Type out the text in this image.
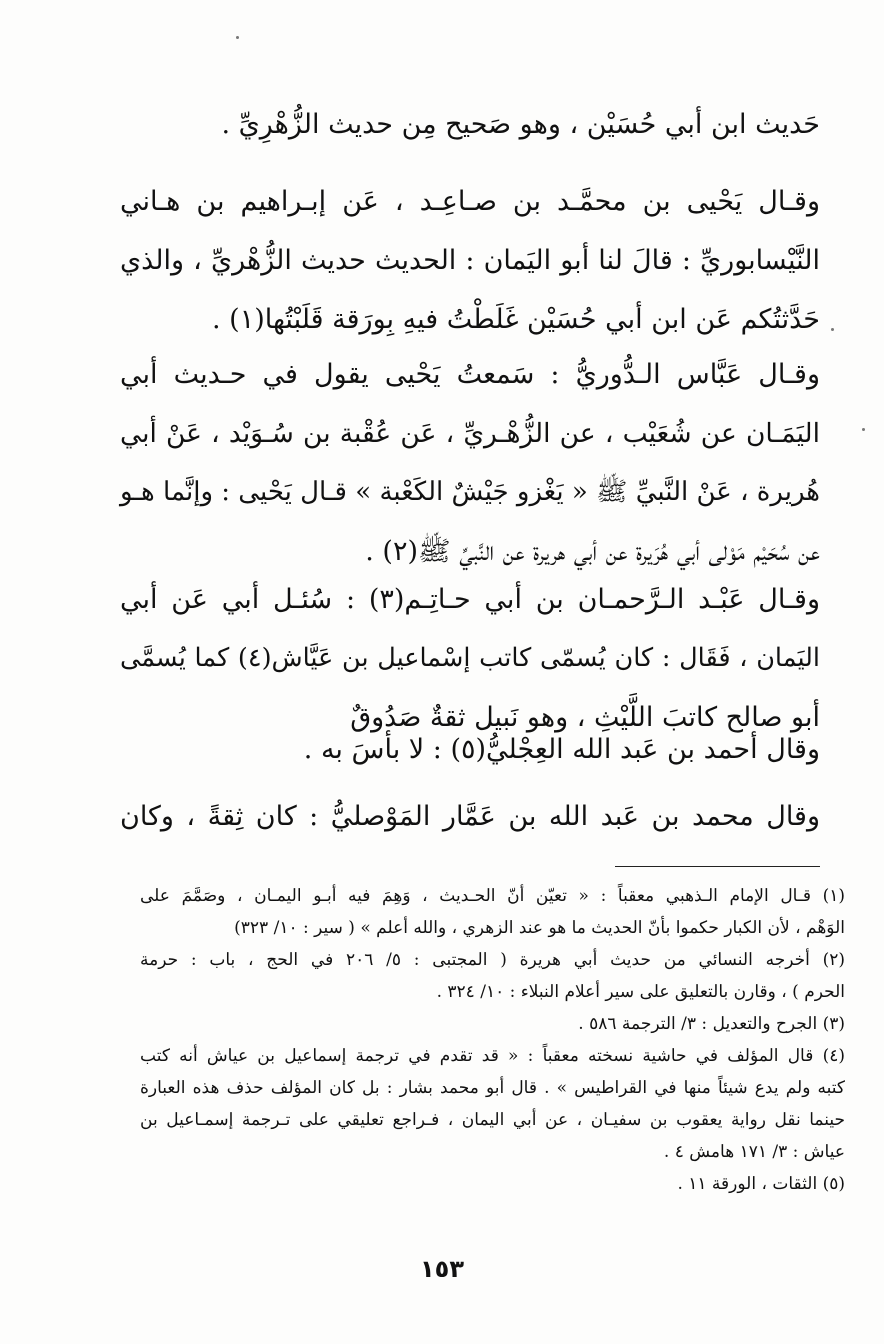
حَديث ابن أبي حُسَيْن ، وهو صَحيح مِن حديث الزُّهْرِيِّ .
وقـال يَحْيى بن محمَّـد بن صـاعِـد ، عَن إبـراهيم بن هـاني
النَّيْسابوريِّ : قالَ لنا أبو اليَمان : الحديث حديث الزُّهْريِّ ، والذي
حَدَّثتُكم عَن ابن أبي حُسَيْن غَلَطْتُ فيهِ بِورَقة قَلَبْتُها(١) .
وقـال عَبَّاس الـدُّوريُّ : سَمعتُ يَحْيى يقول في حـديث أبي
اليَمَـان عن شُعَيْب ، عن الزُّهْـريِّ ، عَن عُقْبة بن سُـوَيْد ، عَنْ أبي
هُريرة ، عَنْ النَّبيِّ ﷺ « يَغْزو جَيْشٌ الكَعْبة » قـال يَحْيى : وإنَّما هـو
عن سُحَيْم مَوْلى أبي هُرَيرة عن أبي هريرة عن النَّبيِّ ﷺ(٢) .
وقـال عَبْـد الـرَّحمـان بن أبي حـاتِـم(٣) : سُئـل أبي عَن أبي
اليَمان ، فَقَال : كان يُسمّى كاتب إسْماعيل بن عَيَّاش(٤) كما يُسمَّى
أبو صالح كاتبَ اللَّيْثِ ، وهو نَبيل ثقةٌ صَدُوقٌ
وقال أحمد بن عَبد الله العِجْليُّ(٥) : لا بأسَ به .
وقال محمد بن عَبد الله بن عَمَّار المَوْصليُّ : كان ثِقةً ، وكان
(١) قـال الإمام الـذهبي معقباً : « تعيّن أنّ الحـديث ، وَهِمَ فيه أبـو اليمـان ، وصَمَّمَ على
الوَهْم ، لأن الكبار حكموا بأنّ الحديث ما هو عند الزهري ، والله أعلم » ( سير : ١٠/ ٣٢٣)
(٢) أخرجه النسائي من حديث أبي هريرة ( المجتبى : ٥/ ٢٠٦ في الحج ، باب : حرمة
الحرم ) ، وقارن بالتعليق على سير أعلام النبلاء : ١٠/ ٣٢٤ .
(٣) الجرح والتعديل : ٣/ الترجمة ٥٨٦ .
(٤) قال المؤلف في حاشية نسخته معقباً : « قد تقدم في ترجمة إسماعيل بن عياش أنه كتب
كتبه ولم يدع شيئاً منها في القراطيس » . قال أبو محمد بشار : بل كان المؤلف حذف هذه العبارة
حينما نقل رواية يعقوب بن سفيـان ، عن أبي اليمان ، فـراجع تعليقي على تـرجمة إسمـاعيل بن
عياش : ٣/ ١٧١ هامش ٤ .
(٥) الثقات ، الورقة ١١ .
١٥٣
